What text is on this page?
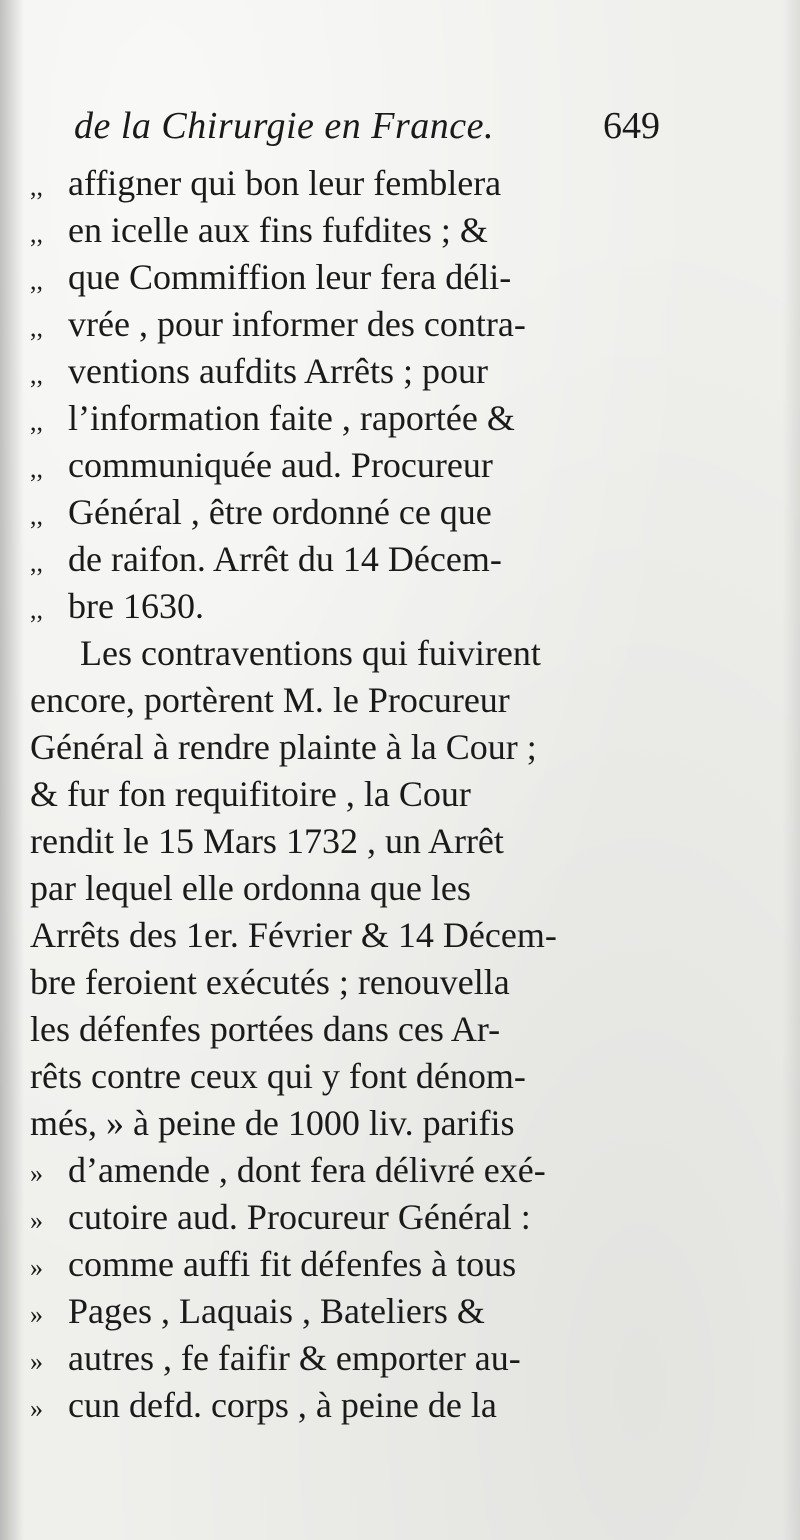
de la Chirurgie en France.	649
,, affigner qui bon leur femblera
,, en icelle aux fins fufdites ; &
,, que Commiffion leur fera déli-
,, vrée , pour informer des contra-
,, ventions aufdits Arrêts ; pour
,, l’information faite , raportée &
,, communiquée aud. Procureur
,, Général , être ordonné ce que
,, de raifon. Arrêt du 14 Décem-
,, bre 1630.
Les contraventions qui fuivirent
encore, portèrent M. le Procureur
Général à rendre plainte à la Cour ;
& fur fon requifitoire , la Cour
rendit le 15 Mars 1732 , un Arrêt
par lequel elle ordonna que les
Arrêts des 1er. Février & 14 Décem-
bre feroient exécutés ; renouvella
les défenfes portées dans ces Ar-
rêts contre ceux qui y font dénom-
més, » à peine de 1000 liv. parifis
» d’amende , dont fera délivré exé-
» cutoire aud. Procureur Général :
» comme auffi fit défenfes à tous
» Pages , Laquais , Bateliers &
» autres , fe faifir & emporter au-
» cun defd. corps , à peine de la
